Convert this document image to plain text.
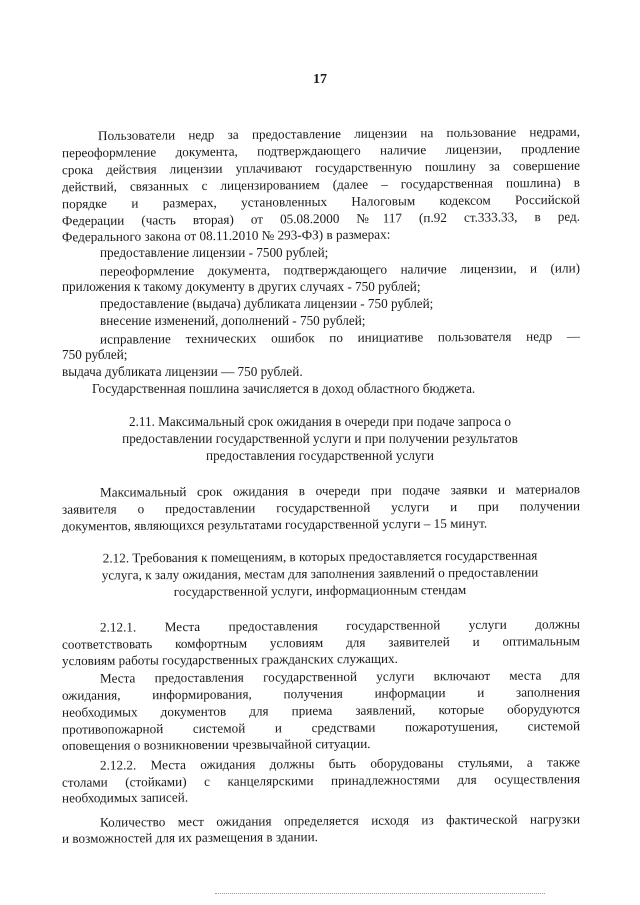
17
Пользователи недр за предоставление лицензии на пользование недрами,
переоформление документа, подтверждающего наличие лицензии, продление
срока действия лицензии уплачивают государственную пошлину за совершение
действий, связанных с лицензированием (далее – государственная пошлина) в
порядке и размерах, установленных Налоговым кодексом Российской
Федерации (часть вторая) от 05.08.2000 №117 (п.92 ст.333.33, в ред.
Федерального закона от 08.11.2010 № 293-ФЗ) в размерах:
предоставление лицензии - 7500 рублей;
переоформление документа, подтверждающего наличие лицензии, и (или)
приложения к такому документу в других случаях - 750 рублей;
предоставление (выдача) дубликата лицензии - 750 рублей;
внесение изменений, дополнений - 750 рублей;
исправление технических ошибок по инициативе пользователя недр —
750 рублей;
выдача дубликата лицензии — 750 рублей.
Государственная пошлина зачисляется в доход областного бюджета.
2.11. Максимальный срок ожидания в очереди при подаче запроса о
предоставлении государственной услуги и при получении результатов
предоставления государственной услуги
Максимальный срок ожидания в очереди при подаче заявки и материалов
заявителя о предоставлении государственной услуги и при получении
документов, являющихся результатами государственной услуги – 15 минут.
2.12. Требования к помещениям, в которых предоставляется государственная
услуга, к залу ожидания, местам для заполнения заявлений о предоставлении
государственной услуги, информационным стендам
2.12.1. Места предоставления государственной услуги должны
соответствовать комфортным условиям для заявителей и оптимальным
условиям работы государственных гражданских служащих.
Места предоставления государственной услуги включают места для
ожидания, информирования, получения информации и заполнения
необходимых документов для приема заявлений, которые оборудуются
противопожарной системой и средствами пожаротушения, системой
оповещения о возникновении чрезвычайной ситуации.
2.12.2. Места ожидания должны быть оборудованы стульями, а также
столами (стойками) с канцелярскими принадлежностями для осуществления
необходимых записей.
Количество мест ожидания определяется исходя из фактической нагрузки
и возможностей для их размещения в здании.
